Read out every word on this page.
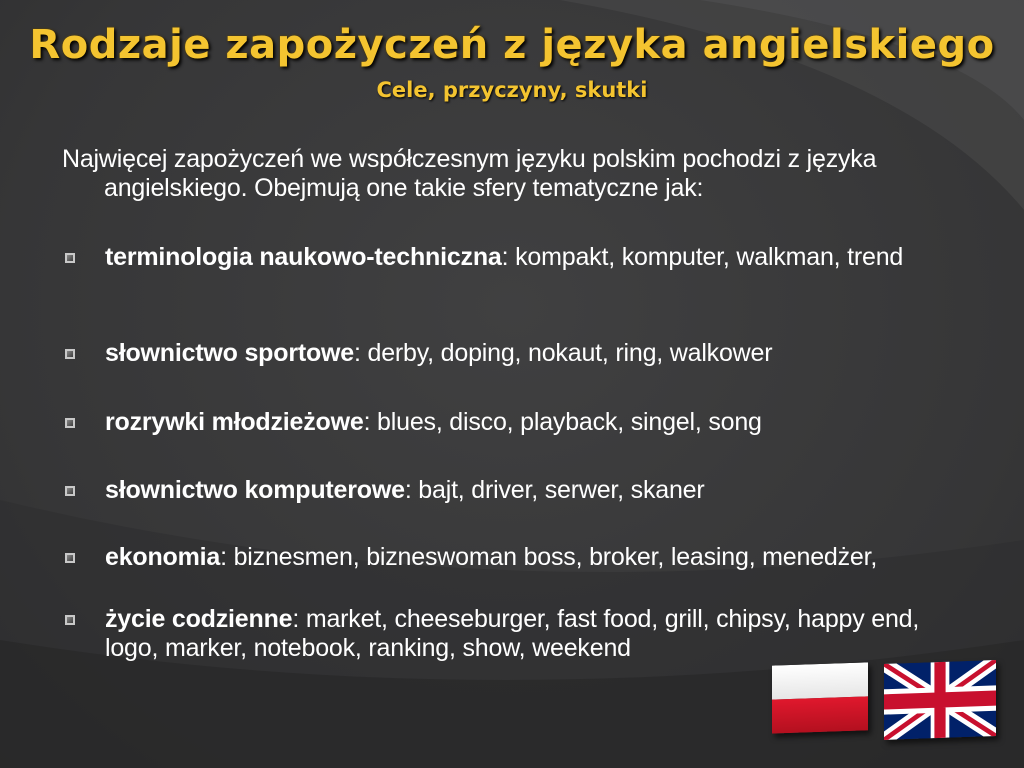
Rodzaje zapożyczeń z języka angielskiego
Cele, przyczyny, skutki
Najwięcej zapożyczeń we współczesnym języku polskim pochodzi z języka angielskiego. Obejmują one takie sfery tematyczne jak:
terminologia naukowo-techniczna: kompakt, komputer, walkman, trend
słownictwo sportowe: derby, doping, nokaut, ring, walkower
rozrywki młodzieżowe: blues, disco, playback, singel, song
słownictwo komputerowe: bajt, driver, serwer, skaner
ekonomia: biznesmen, bizneswoman boss, broker, leasing, menedżer,
życie codzienne: market, cheeseburger, fast food, grill, chipsy, happy end, logo, marker, notebook, ranking, show, weekend
